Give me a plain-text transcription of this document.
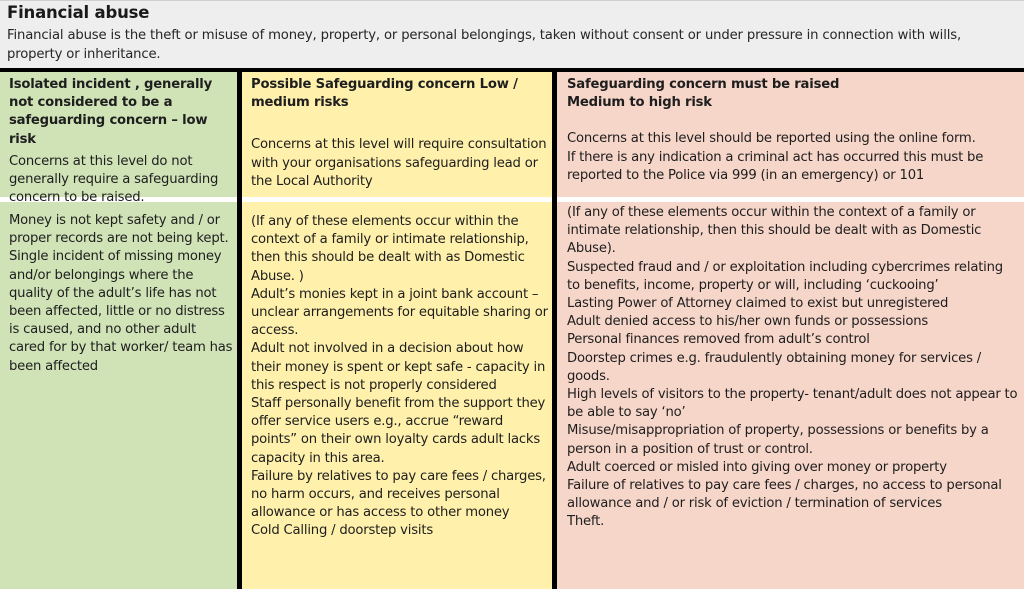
Financial abuse
Financial abuse is the theft or misuse of money, property, or personal belongings, taken without consent or under pressure in connection with wills, property or inheritance.

Isolated incident , generally not considered to be a safeguarding concern – low risk

Concerns at this level do not generally require a safeguarding concern to be raised.

Possible Safeguarding concern Low / medium risks

Concerns at this level will require consultation with your organisations safeguarding lead or the Local Authority

Safeguarding concern must be raised

Medium to high risk

Concerns at this level should be reported using the online form.

If there is any indication a criminal act has occurred this must be reported to the Police via 999 (in an emergency) or 101

Money is not kept safety and / or proper records are not being kept.

Single incident of missing money and/or belongings where the quality of the adult’s life has not been affected, little or no distress is caused, and no other adult cared for by that worker/ team has been affected

(If any of these elements occur within the context of a family or intimate relationship, then this should be dealt with as Domestic Abuse. )

Adult’s monies kept in a joint bank account – unclear arrangements for equitable sharing or access.

Adult not involved in a decision about how their money is spent or kept safe - capacity in this respect is not properly considered

Staff personally benefit from the support they offer service users e.g., accrue “reward points” on their own loyalty cards adult lacks capacity in this area.

Failure by relatives to pay care fees / charges, no harm occurs, and receives personal allowance or has access to other money

Cold Calling / doorstep visits

(If any of these elements occur within the context of a family or intimate relationship, then this should be dealt with as Domestic Abuse).

Suspected fraud and / or exploitation including cybercrimes relating to benefits, income, property or will, including ‘cuckooing’

Lasting Power of Attorney claimed to exist but unregistered

Adult denied access to his/her own funds or possessions

Personal finances removed from adult’s control

Doorstep crimes e.g. fraudulently obtaining money for services / goods.

High levels of visitors to the property- tenant/adult does not appear to be able to say ‘no’

Misuse/misappropriation of property, possessions or benefits by a person in a position of trust or control.

Adult coerced or misled into giving over money or property

Failure of relatives to pay care fees / charges, no access to personal allowance and / or risk of eviction / termination of services

Theft.
